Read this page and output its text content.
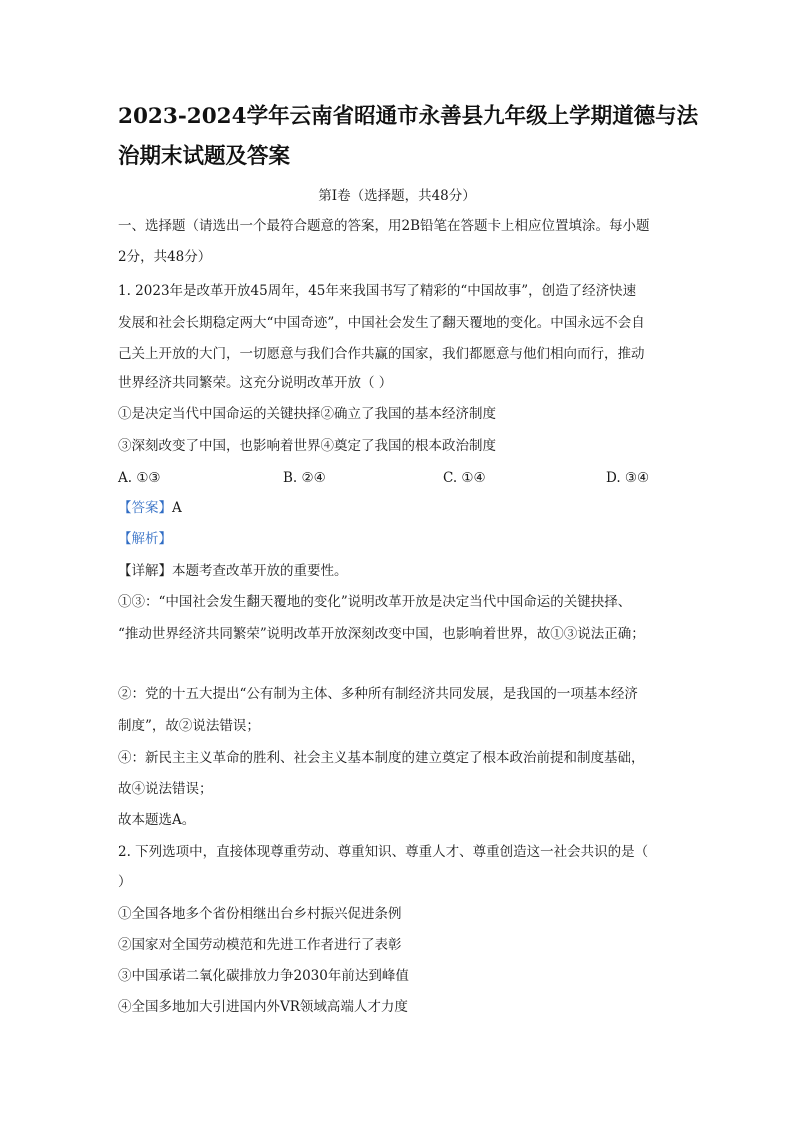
2023-2024学年云南省昭通市永善县九年级上学期道德与法
治期末试题及答案
第Ⅰ卷（选择题，共48分）
一、选择题（请选出一个最符合题意的答案，用2B铅笔在答题卡上相应位置填涂。每小题
2分，共48分）
1. 2023年是改革开放45周年，45年来我国书写了精彩的“中国故事”，创造了经济快速
发展和社会长期稳定两大“中国奇迹”，中国社会发生了翻天覆地的变化。中国永远不会自
己关上开放的大门，一切愿意与我们合作共赢的国家，我们都愿意与他们相向而行，推动
世界经济共同繁荣。这充分说明改革开放（ ）
①是决定当代中国命运的关键抉择②确立了我国的基本经济制度
③深刻改变了中国，也影响着世界④奠定了我国的根本政治制度
A. ①③	B. ②④	C. ①④	D. ③④
【答案】A
【解析】
【详解】本题考查改革开放的重要性。
①③：“中国社会发生翻天覆地的变化”说明改革开放是决定当代中国命运的关键抉择、
“推动世界经济共同繁荣”说明改革开放深刻改变中国，也影响着世界，故①③说法正确；
②：党的十五大提出“公有制为主体、多种所有制经济共同发展，是我国的一项基本经济
制度”，故②说法错误；
④：新民主主义革命的胜利、社会主义基本制度的建立奠定了根本政治前提和制度基础，
故④说法错误；
故本题选A。
2. 下列选项中，直接体现尊重劳动、尊重知识、尊重人才、尊重创造这一社会共识的是（
）
①全国各地多个省份相继出台乡村振兴促进条例
②国家对全国劳动模范和先进工作者进行了表彰
③中国承诺二氧化碳排放力争2030年前达到峰值
④全国多地加大引进国内外VR领域高端人才力度
